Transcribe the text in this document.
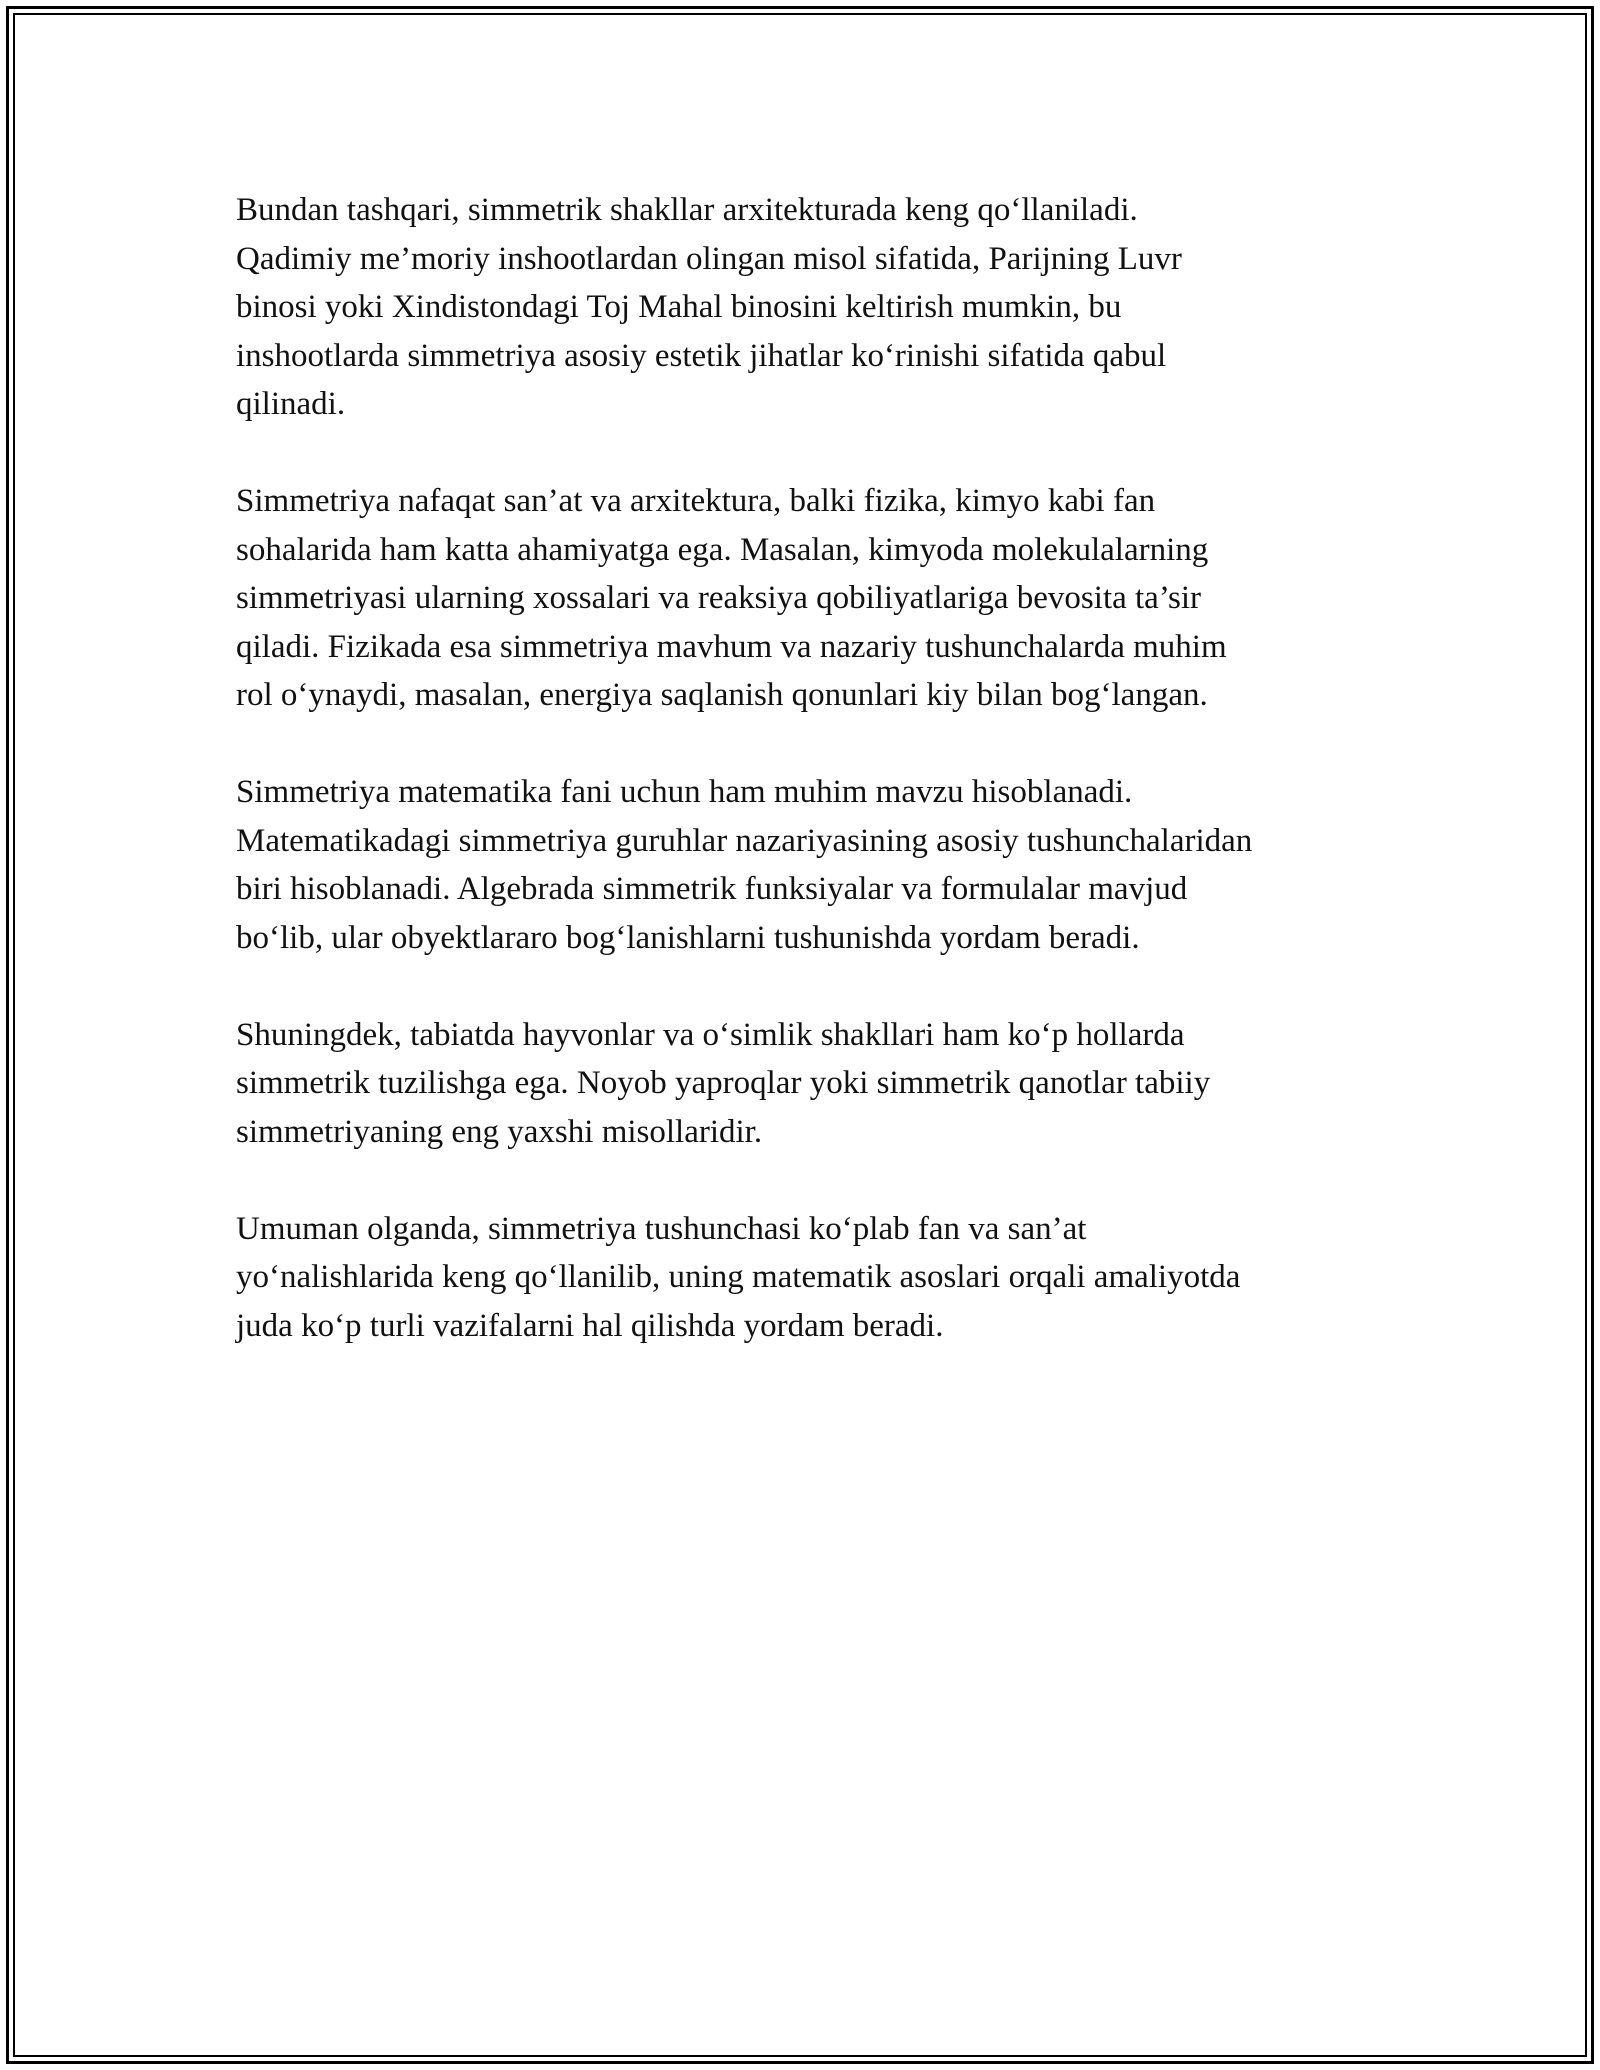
Bundan tashqari, simmetrik shakllar arxitekturada keng qo‘llaniladi.
Qadimiy me’moriy inshootlardan olingan misol sifatida, Parijning Luvr
binosi yoki Xindistondagi Toj Mahal binosini keltirish mumkin, bu
inshootlarda simmetriya asosiy estetik jihatlar ko‘rinishi sifatida qabul
qilinadi.

Simmetriya nafaqat san’at va arxitektura, balki fizika, kimyo kabi fan
sohalarida ham katta ahamiyatga ega. Masalan, kimyoda molekulalarning
simmetriyasi ularning xossalari va reaksiya qobiliyatlariga bevosita ta’sir
qiladi. Fizikada esa simmetriya mavhum va nazariy tushunchalarda muhim
rol o‘ynaydi, masalan, energiya saqlanish qonunlari kiy bilan bog‘langan.

Simmetriya matematika fani uchun ham muhim mavzu hisoblanadi.
Matematikadagi simmetriya guruhlar nazariyasining asosiy tushunchalaridan
biri hisoblanadi. Algebrada simmetrik funksiyalar va formulalar mavjud
bo‘lib, ular obyektlararo bog‘lanishlarni tushunishda yordam beradi.

Shuningdek, tabiatda hayvonlar va o‘simlik shakllari ham ko‘p hollarda
simmetrik tuzilishga ega. Noyob yaproqlar yoki simmetrik qanotlar tabiiy
simmetriyaning eng yaxshi misollaridir.

Umuman olganda, simmetriya tushunchasi ko‘plab fan va san’at
yo‘nalishlarida keng qo‘llanilib, uning matematik asoslari orqali amaliyotda
juda ko‘p turli vazifalarni hal qilishda yordam beradi.
